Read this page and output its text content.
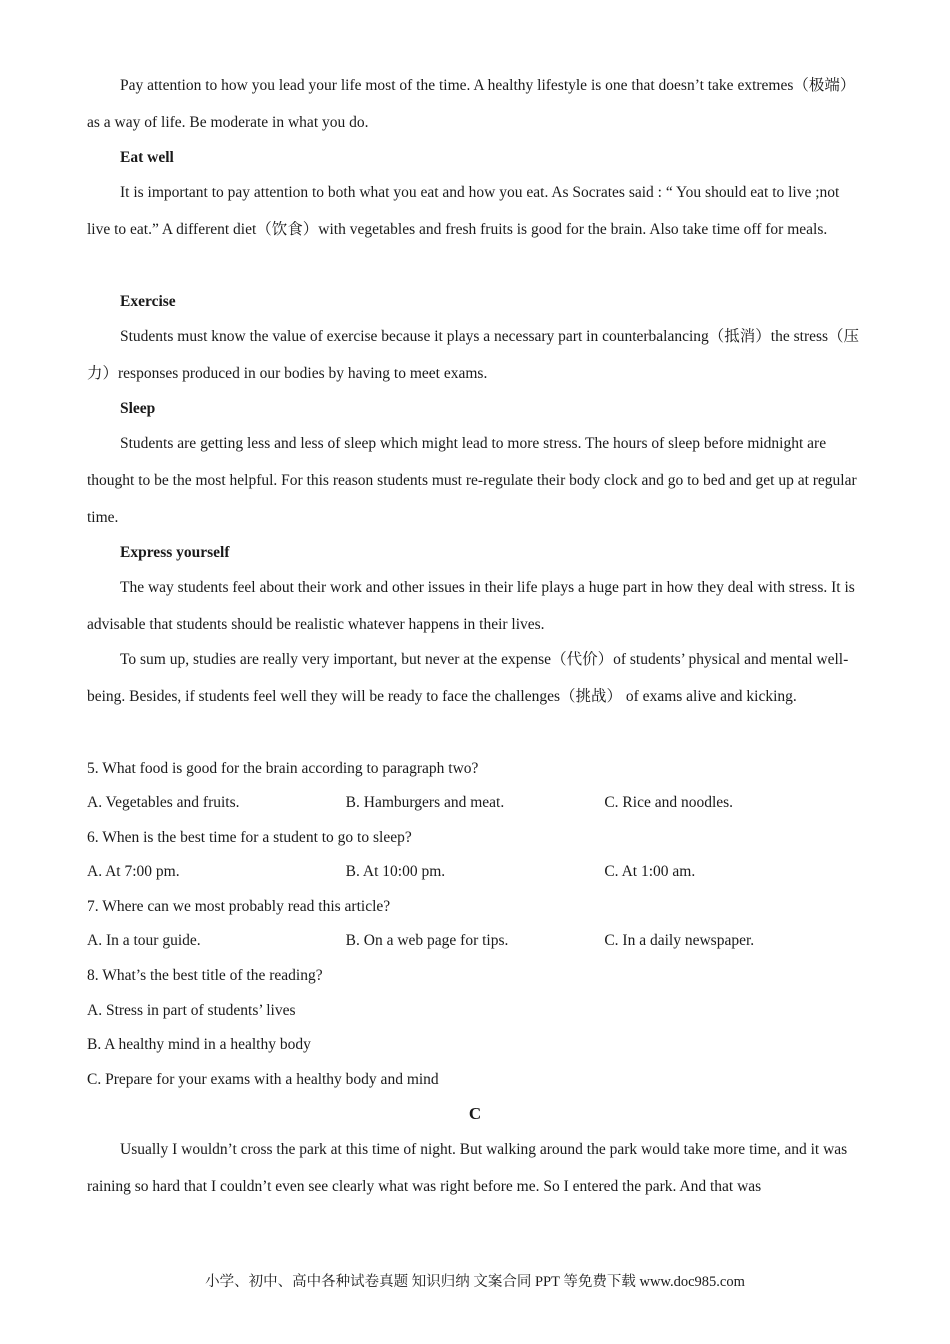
Pay attention to how you lead your life most of the time. A healthy lifestyle is one that doesn’t take extremes（极端）as a way of life. Be moderate in what you do.

Eat well

It is important to pay attention to both what you eat and how you eat. As Socrates said : “ You should eat to live ;not live to eat.” A different diet（饮食）with vegetables and fresh fruits is good for the brain. Also take time off for meals.

Exercise

Students must know the value of exercise because it plays a necessary part in counterbalancing（抵消）the stress（压力）responses produced in our bodies by having to meet exams.

Sleep

Students are getting less and less of sleep which might lead to more stress. The hours of sleep before midnight are thought to be the most helpful. For this reason students must re-regulate their body clock and go to bed and get up at regular time.

Express yourself

The way students feel about their work and other issues in their life plays a huge part in how they deal with stress. It is advisable that students should be realistic whatever happens in their lives.

To sum up, studies are really very important, but never at the expense（代价）of students’ physical and mental well-being. Besides, if students feel well they will be ready to face the challenges（挑战） of exams alive and kicking.

5. What food is good for the brain according to paragraph two?

A. Vegetables and fruits.	B. Hamburgers and meat.	C. Rice and noodles.

6. When is the best time for a student to go to sleep?

A. At 7:00 pm.	B. At 10:00 pm.	C. At 1:00 am.

7. Where can we most probably read this article?

A. In a tour guide.	B. On a web page for tips.	C. In a daily newspaper.

8. What’s the best title of the reading?

A. Stress in part of students’ lives

B. A healthy mind in a healthy body

C. Prepare for your exams with a healthy body and mind

C

Usually I wouldn’t cross the park at this time of night. But walking around the park would take more time, and it was raining so hard that I couldn’t even see clearly what was right before me. So I entered the park. And that was

小学、初中、高中各种试卷真题 知识归纳 文案合同 PPT 等免费下载 www.doc985.com
